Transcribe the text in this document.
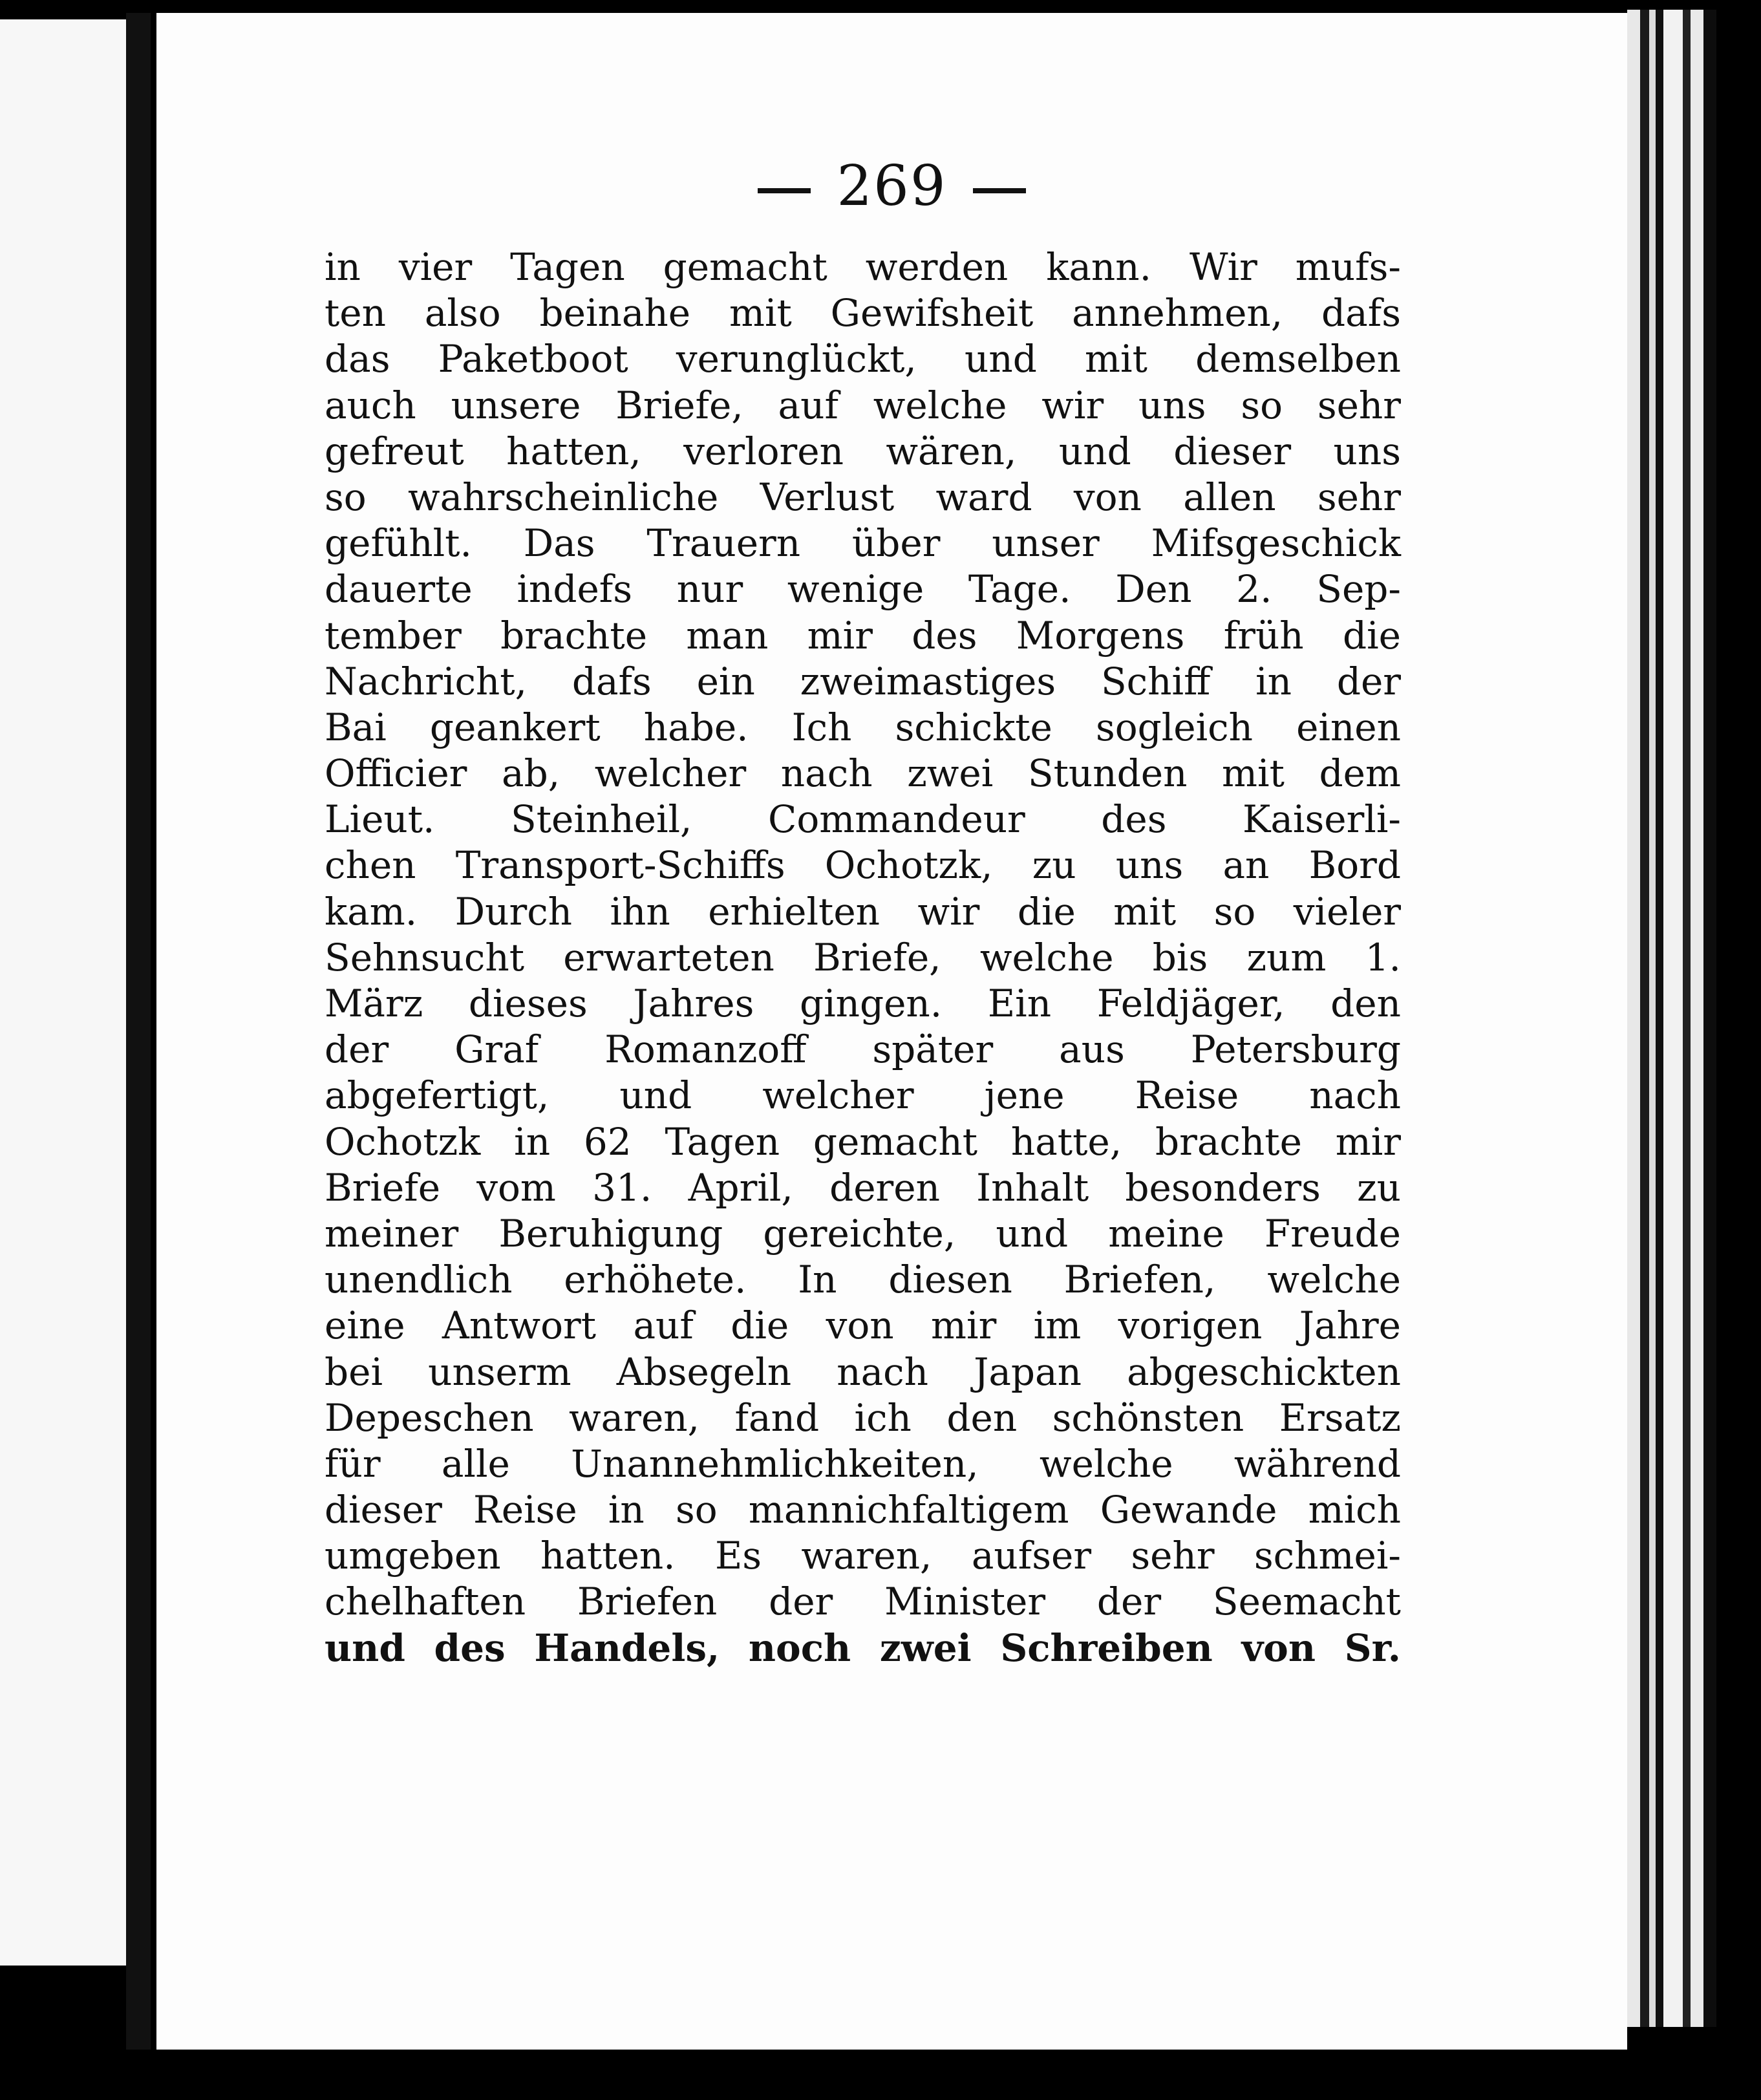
269
in vier Tagen gemacht werden kann. Wir mufs-
ten also beinahe mit Gewifsheit annehmen, dafs
das Paketboot verunglückt, und mit demselben
auch unsere Briefe, auf welche wir uns so sehr
gefreut hatten, verloren wären, und dieser uns
so wahrscheinliche Verlust ward von allen sehr
gefühlt. Das Trauern über unser Mifsgeschick
dauerte indefs nur wenige Tage. Den 2. Sep-
tember brachte man mir des Morgens früh die
Nachricht, dafs ein zweimastiges Schiff in der
Bai geankert habe. Ich schickte sogleich einen
Officier ab, welcher nach zwei Stunden mit dem
Lieut. Steinheil, Commandeur des Kaiserli-
chen Transport-Schiffs Ochotzk, zu uns an Bord
kam. Durch ihn erhielten wir die mit so vieler
Sehnsucht erwarteten Briefe, welche bis zum 1.
März dieses Jahres gingen. Ein Feldjäger, den
der Graf Romanzoff später aus Petersburg
abgefertigt, und welcher jene Reise nach
Ochotzk in 62 Tagen gemacht hatte, brachte mir
Briefe vom 31. April, deren Inhalt besonders zu
meiner Beruhigung gereichte, und meine Freude
unendlich erhöhete. In diesen Briefen, welche
eine Antwort auf die von mir im vorigen Jahre
bei unserm Absegeln nach Japan abgeschickten
Depeschen waren, fand ich den schönsten Ersatz
für alle Unannehmlichkeiten, welche während
dieser Reise in so mannichfaltigem Gewande mich
umgeben hatten. Es waren, aufser sehr schmei-
chelhaften Briefen der Minister der Seemacht
und des Handels, noch zwei Schreiben von Sr.
